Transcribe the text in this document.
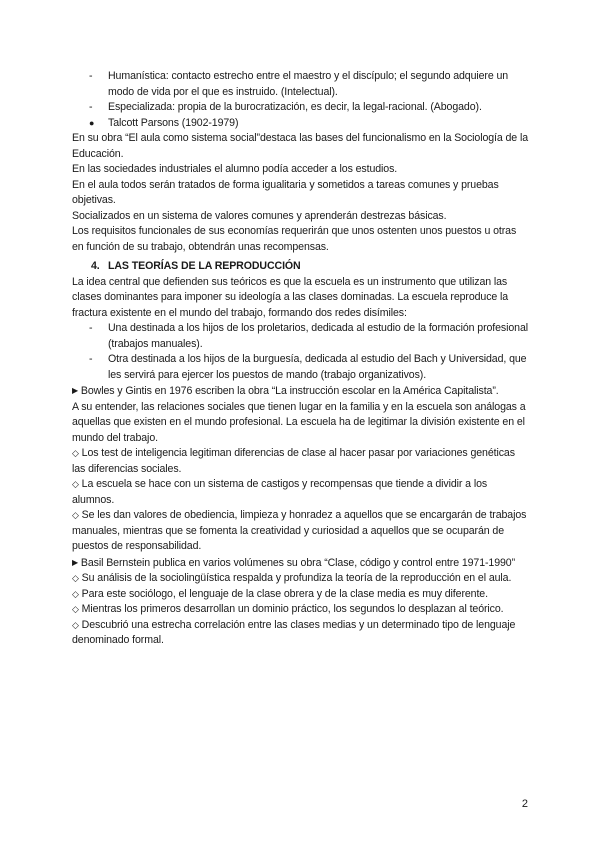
- Humanística: contacto estrecho entre el maestro y el discípulo; el segundo adquiere un modo de vida por el que es instruido. (Intelectual).

- Especializada: propia de la burocratización, es decir, la legal-racional. (Abogado).

● Talcott Parsons (1902-1979)

En su obra “El aula como sistema social”destaca las bases del funcionalismo en la Sociología de la Educación.

En las sociedades industriales el alumno podía acceder a los estudios.

En el aula todos serán tratados de forma igualitaria y sometidos a tareas comunes y pruebas objetivas.

Socializados en un sistema de valores comunes y aprenderán destrezas básicas.

Los requisitos funcionales de sus economías requerirán que unos ostenten unos puestos u otras en función de su trabajo, obtendrán unas recompensas.

4. LAS TEORÍAS DE LA REPRODUCCIÓN

La idea central que defienden sus teóricos es que la escuela es un instrumento que utilizan las clases dominantes para imponer su ideología a las clases dominadas. La escuela reproduce la fractura existente en el mundo del trabajo, formando dos redes disímiles:

- Una destinada a los hijos de los proletarios, dedicada al estudio de la formación profesional (trabajos manuales).

- Otra destinada a los hijos de la burguesía, dedicada al estudio del Bach y Universidad, que les servirá para ejercer los puestos de mando (trabajo organizativos).

▶ Bowles y Gintis en 1976 escriben la obra “La instrucción escolar en la América Capitalista”.

A su entender, las relaciones sociales que tienen lugar en la familia y en la escuela son análogas a aquellas que existen en el mundo profesional. La escuela ha de legitimar la división existente en el mundo del trabajo.

◇ Los test de inteligencia legitiman diferencias de clase al hacer pasar por variaciones genéticas las diferencias sociales.

◇ La escuela se hace con un sistema de castigos y recompensas que tiende a dividir a los alumnos.

◇ Se les dan valores de obediencia, limpieza y honradez a aquellos que se encargarán de trabajos manuales, mientras que se fomenta la creatividad y curiosidad a aquellos que se ocuparán de puestos de responsabilidad.

▶ Basil Bernstein publica en varios volúmenes su obra “Clase, código y control entre 1971-1990”

◇ Su análisis de la sociolingüística respalda y profundiza la teoría de la reproducción en el aula.

◇ Para este sociólogo, el lenguaje de la clase obrera y de la clase media es muy diferente.

◇ Mientras los primeros desarrollan un dominio práctico, los segundos lo desplazan al teórico.

◇ Descubrió una estrecha correlación entre las clases medias y un determinado tipo de lenguaje denominado formal.

2
